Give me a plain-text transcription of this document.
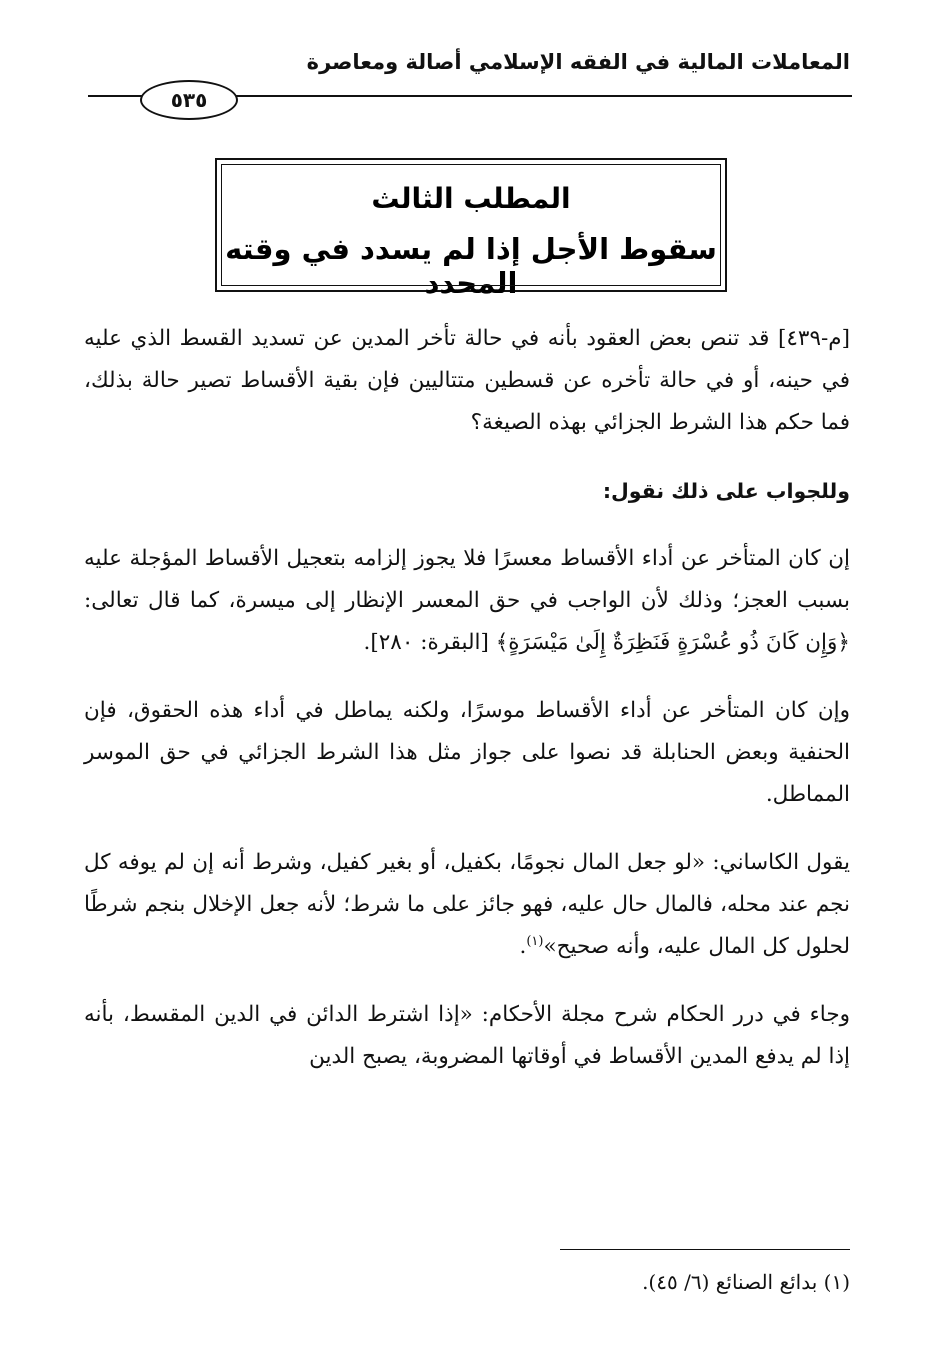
المعاملات المالية في الفقه الإسلامي أصالة ومعاصرة
٥٣٥
المطلب الثالث
سقوط الأجل إذا لم يسدد في وقته المحدد

[م-٤٣٩] قد تنص بعض العقود بأنه في حالة تأخر المدين عن تسديد القسط الذي عليه في حينه، أو في حالة تأخره عن قسطين متتاليين فإن بقية الأقساط تصير حالة بذلك، فما حكم هذا الشرط الجزائي بهذه الصيغة؟

وللجواب على ذلك نقول:

إن كان المتأخر عن أداء الأقساط معسرًا فلا يجوز إلزامه بتعجيل الأقساط المؤجلة عليه بسبب العجز؛ وذلك لأن الواجب في حق المعسر الإنظار إلى ميسرة، كما قال تعالى: ﴿وَإِن كَانَ ذُو عُسْرَةٍ فَنَظِرَةٌ إِلَىٰ مَيْسَرَةٍ﴾ [البقرة: ٢٨٠].

وإن كان المتأخر عن أداء الأقساط موسرًا، ولكنه يماطل في أداء هذه الحقوق، فإن الحنفية وبعض الحنابلة قد نصوا على جواز مثل هذا الشرط الجزائي في حق الموسر المماطل.

يقول الكاساني: «لو جعل المال نجومًا، بكفيل، أو بغير كفيل، وشرط أنه إن لم يوفه كل نجم عند محله، فالمال حال عليه، فهو جائز على ما شرط؛ لأنه جعل الإخلال بنجم شرطًا لحلول كل المال عليه، وأنه صحيح»$^{(١)}$.

وجاء في درر الحكام شرح مجلة الأحكام: «إذا اشترط الدائن في الدين المقسط، بأنه إذا لم يدفع المدين الأقساط في أوقاتها المضروبة، يصبح الدين

(١) بدائع الصنائع (٦/ ٤٥).
